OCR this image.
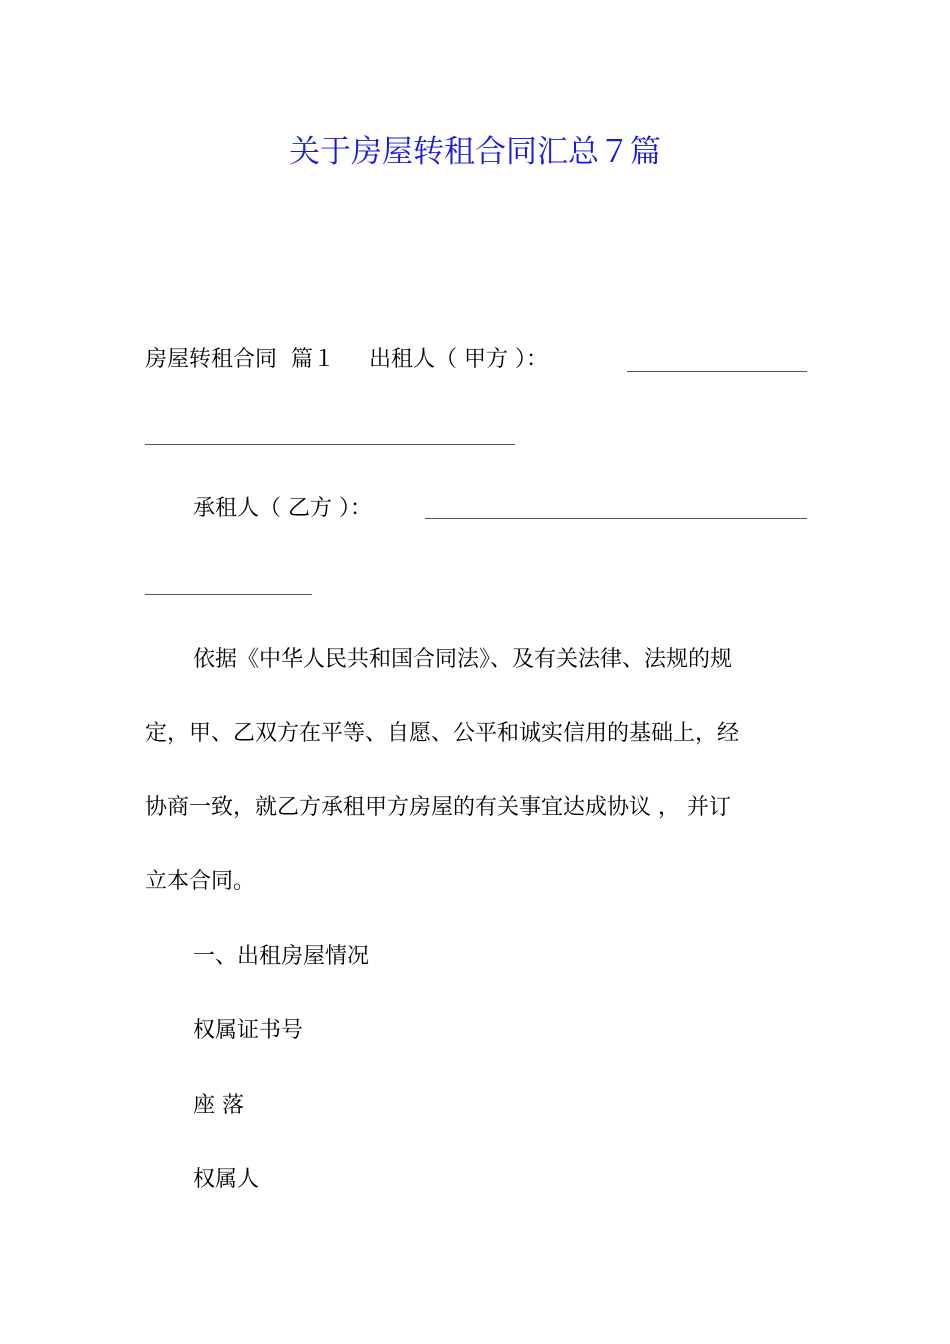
关于房屋转租合同汇总７篇
房屋转租合同 篇１ 出租人（ 甲方 ）：
承租人（ 乙方 ）：
依据《中华人民共和国合同法》、及有关法律、法规的规
定，甲、乙双方在平等、自愿、公平和诚实信用的基础上，经
协商一致，就乙方承租甲方房屋的有关事宜达成协议 ， 并订
立本合同。
一、出租房屋情况
权属证书号
座 落
权属人
